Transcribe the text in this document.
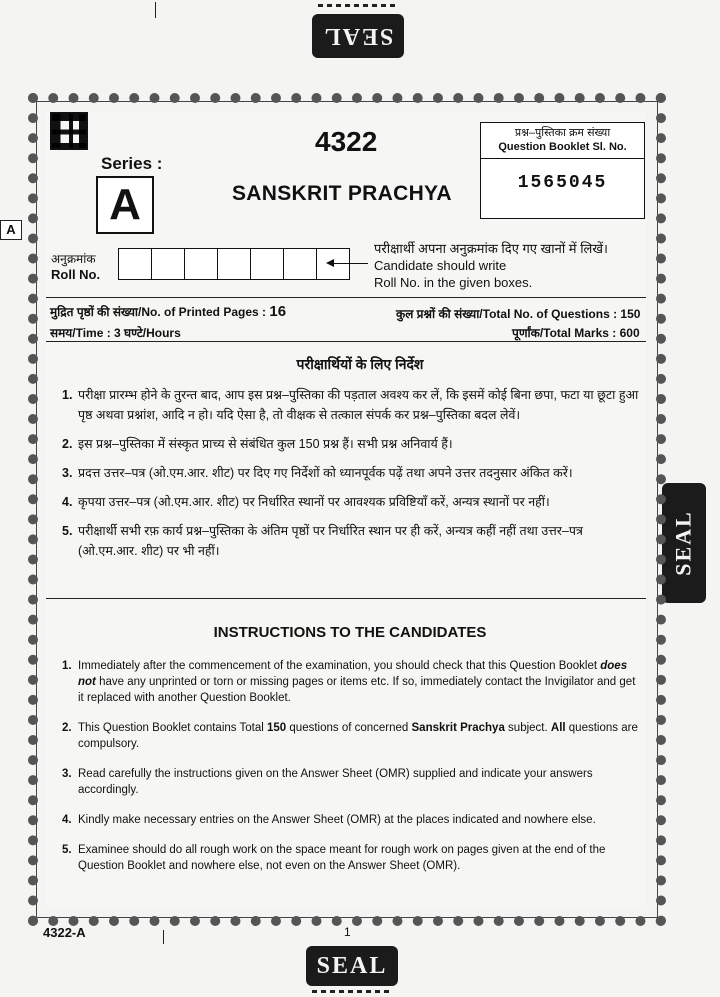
SEAL
SEAL
SEAL
A
Series :
A
4322
SANSKRIT PRACHYA
प्रश्न–पुस्तिका क्रम संख्या
Question Booklet Sl. No.
1565045
अनुक्रमांक
Roll No.
परीक्षार्थी अपना अनुक्रमांक दिए गए खानों में लिखें।
Candidate should write
Roll No. in the given boxes.
मुद्रित पृष्ठों की संख्या/No. of Printed Pages : 16	कुल प्रश्नों की संख्या/Total No. of Questions : 150
समय/Time : 3 घण्टे/Hours	पूर्णांक/Total Marks : 600
परीक्षार्थियों के लिए निर्देश
1. परीक्षा प्रारम्भ होने के तुरन्त बाद, आप इस प्रश्न–पुस्तिका की पड़ताल अवश्य कर लें, कि इसमें कोई बिना छपा, फटा या छूटा हुआ पृष्ठ अथवा प्रश्नांश, आदि न हो। यदि ऐसा है, तो वीक्षक से तत्काल संपर्क कर प्रश्न–पुस्तिका बदल लेवें।
2. इस प्रश्न–पुस्तिका में संस्कृत प्राच्य से संबंधित कुल 150 प्रश्न हैं। सभी प्रश्न अनिवार्य हैं।
3. प्रदत्त उत्तर–पत्र (ओ.एम.आर. शीट) पर दिए गए निर्देशों को ध्यानपूर्वक पढ़ें तथा अपने उत्तर तदनुसार अंकित करें।
4. कृपया उत्तर–पत्र (ओ.एम.आर. शीट) पर निर्धारित स्थानों पर आवश्यक प्रविष्टियाँ करें, अन्यत्र स्थानों पर नहीं।
5. परीक्षार्थी सभी रफ़ कार्य प्रश्न–पुस्तिका के अंतिम पृष्ठों पर निर्धारित स्थान पर ही करें, अन्यत्र कहीं नहीं तथा उत्तर–पत्र (ओ.एम.आर. शीट) पर भी नहीं।
INSTRUCTIONS TO THE CANDIDATES
1. Immediately after the commencement of the examination, you should check that this Question Booklet does not have any unprinted or torn or missing pages or items etc. If so, immediately contact the Invigilator and get it replaced with another Question Booklet.
2. This Question Booklet contains Total 150 questions of concerned Sanskrit Prachya subject. All questions are compulsory.
3. Read carefully the instructions given on the Answer Sheet (OMR) supplied and indicate your answers accordingly.
4. Kindly make necessary entries on the Answer Sheet (OMR) at the places indicated and nowhere else.
5. Examinee should do all rough work on the space meant for rough work on pages given at the end of the Question Booklet and nowhere else, not even on the Answer Sheet (OMR).
4322-A	1
